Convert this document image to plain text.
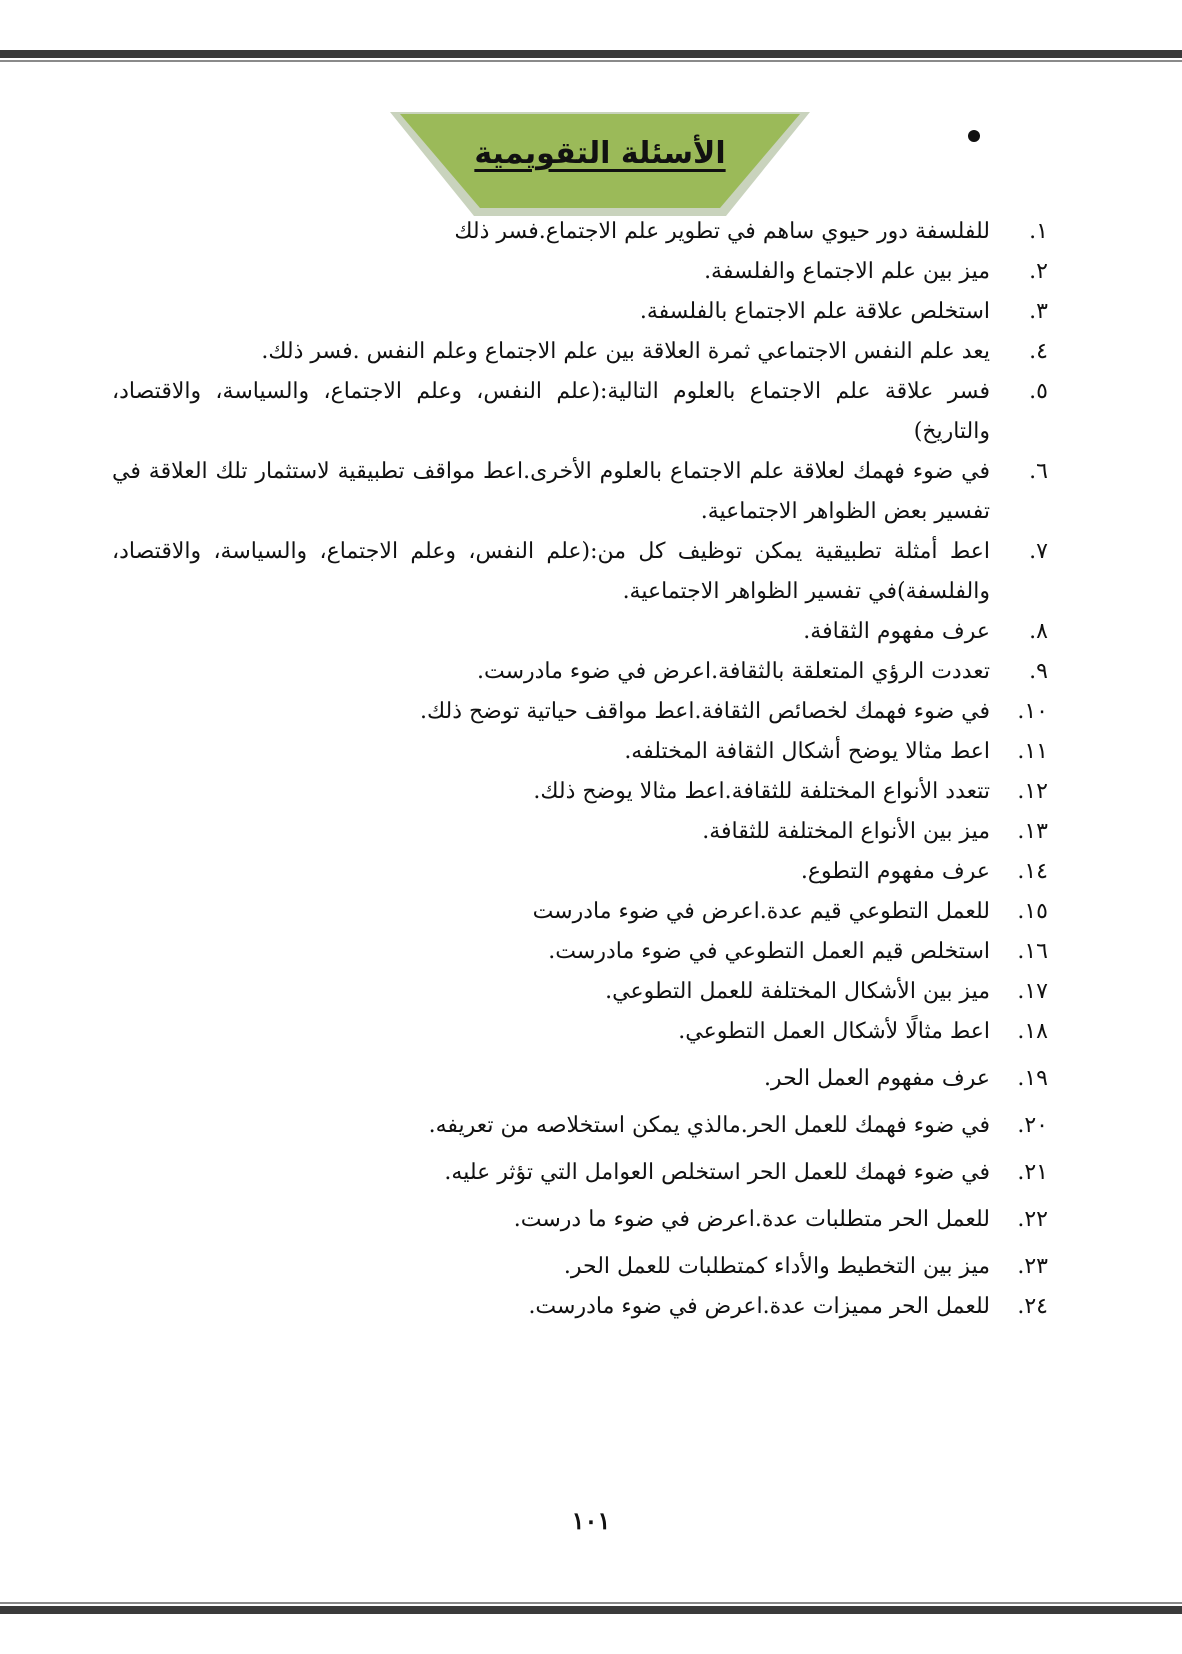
الأسئلة التقويمية
١.
للفلسفة دور حيوي ساهم في تطوير علم الاجتماع.فسر ذلك
٢.
ميز بين علم الاجتماع والفلسفة.
٣.
استخلص علاقة علم الاجتماع بالفلسفة.
٤.
يعد علم النفس الاجتماعي ثمرة العلاقة بين علم الاجتماع وعلم النفس .فسر ذلك.
٥.
فسر علاقة علم الاجتماع بالعلوم التالية:(علم النفس، وعلم الاجتماع، والسياسة، والاقتصاد، والتاريخ)
٦.
في ضوء فهمك لعلاقة علم الاجتماع بالعلوم الأخرى.اعط مواقف تطبيقية لاستثمار تلك العلاقة في تفسير بعض الظواهر الاجتماعية.
٧.
اعط أمثلة تطبيقية يمكن توظيف كل من:(علم النفس، وعلم الاجتماع، والسياسة، والاقتصاد، والفلسفة)في تفسير الظواهر الاجتماعية.
٨.
عرف مفهوم الثقافة.
٩.
تعددت الرؤي المتعلقة بالثقافة.اعرض في ضوء مادرست.
١٠.
في ضوء فهمك لخصائص الثقافة.اعط مواقف حياتية توضح ذلك.
١١.
اعط مثالا يوضح أشكال الثقافة المختلفه.
١٢.
تتعدد الأنواع المختلفة للثقافة.اعط مثالا يوضح ذلك.
١٣.
ميز بين الأنواع المختلفة للثقافة.
١٤.
عرف مفهوم التطوع.
١٥.
للعمل التطوعي قيم عدة.اعرض في ضوء مادرست
١٦.
استخلص قيم العمل التطوعي في ضوء مادرست.
١٧.
ميز بين الأشكال المختلفة للعمل التطوعي.
١٨.
اعط مثالًا لأشكال العمل التطوعي.
١٩.
عرف مفهوم العمل الحر.
٢٠.
في ضوء فهمك للعمل الحر.مالذي يمكن استخلاصه من تعريفه.
٢١.
في ضوء فهمك للعمل الحر استخلص العوامل التي تؤثر عليه.
٢٢.
للعمل الحر متطلبات عدة.اعرض في ضوء ما درست.
٢٣.
ميز بين التخطيط والأداء كمتطلبات للعمل الحر.
٢٤.
للعمل الحر مميزات عدة.اعرض في ضوء مادرست.
١٠١
